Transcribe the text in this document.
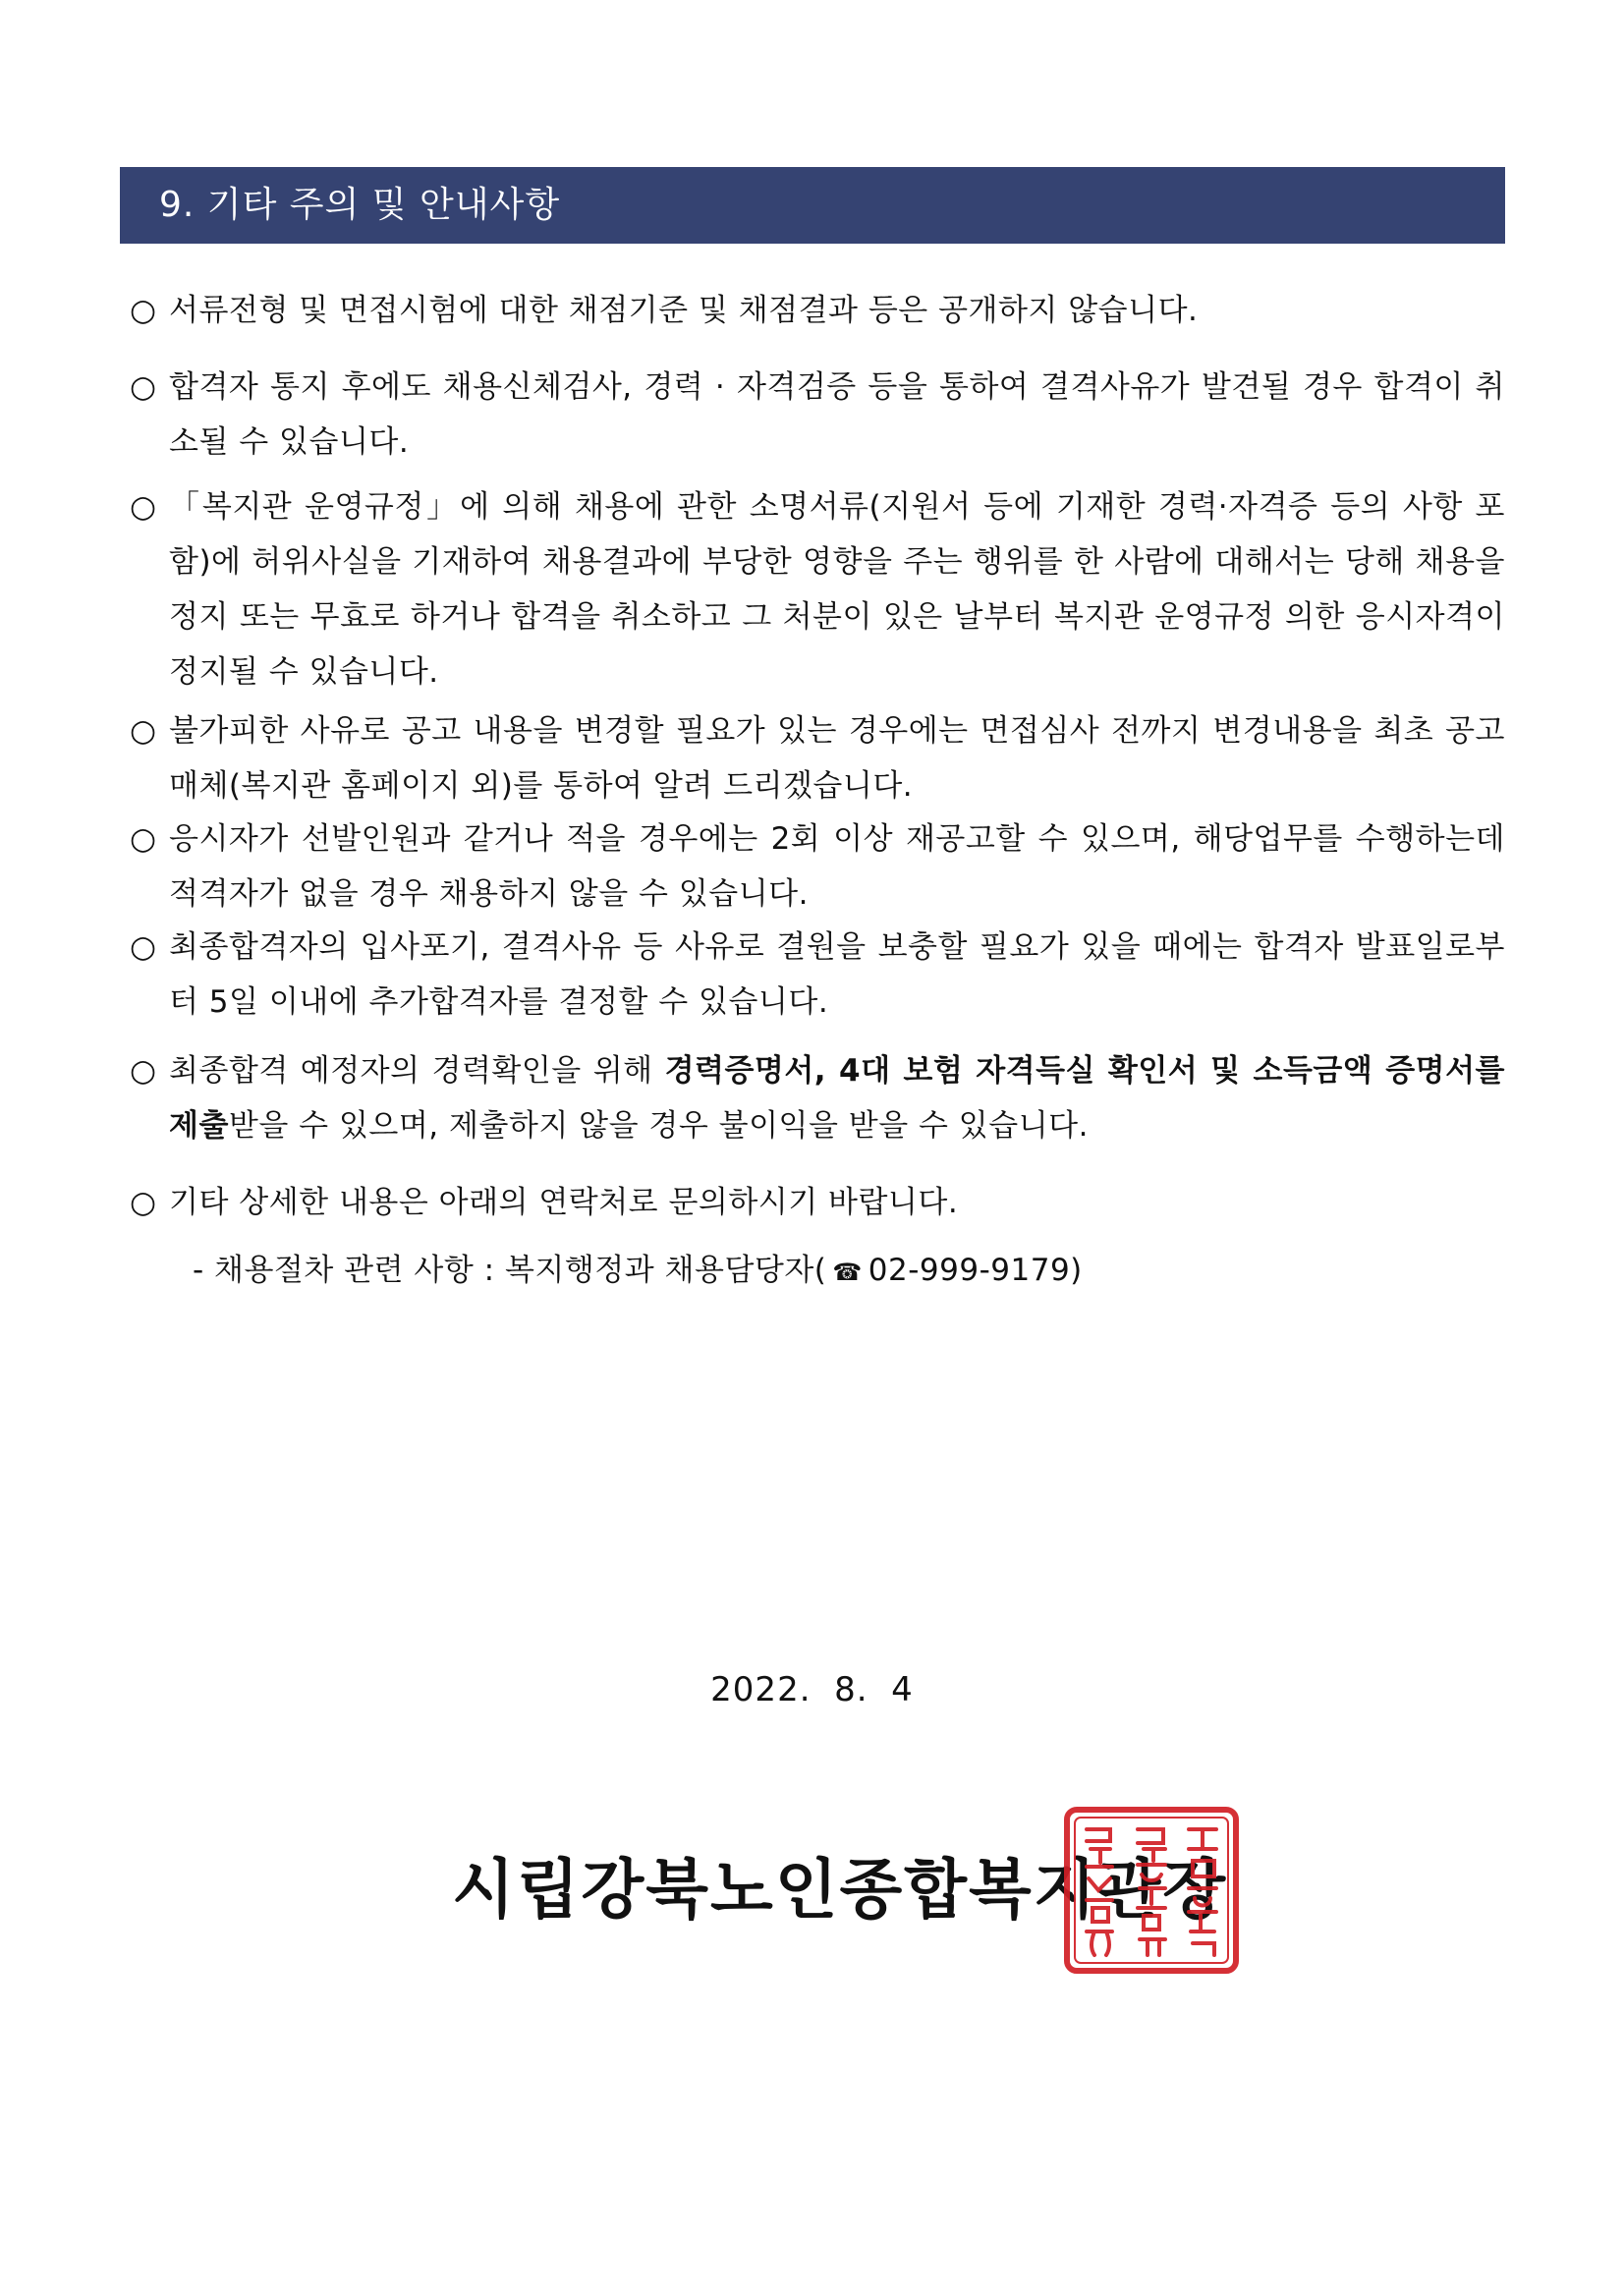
9. 기타 주의 및 안내사항
○ 서류전형 및 면접시험에 대한 채점기준 및 채점결과 등은 공개하지 않습니다.
○ 합격자 통지 후에도 채용신체검사, 경력 · 자격검증 등을 통하여 결격사유가 발견될 경우 합격이 취소될 수 있습니다.
○ 「복지관 운영규정」에 의해 채용에 관한 소명서류(지원서 등에 기재한 경력·자격증 등의 사항 포함)에 허위사실을 기재하여 채용결과에 부당한 영향을 주는 행위를 한 사람에 대해서는 당해 채용을 정지 또는 무효로 하거나 합격을 취소하고 그 처분이 있은 날부터 복지관 운영규정 의한 응시자격이 정지될 수 있습니다.
○ 불가피한 사유로 공고 내용을 변경할 필요가 있는 경우에는 면접심사 전까지 변경내용을 최초 공고매체(복지관 홈페이지 외)를 통하여 알려 드리겠습니다.
○ 응시자가 선발인원과 같거나 적을 경우에는 2회 이상 재공고할 수 있으며, 해당업무를 수행하는데 적격자가 없을 경우 채용하지 않을 수 있습니다.
○ 최종합격자의 입사포기, 결격사유 등 사유로 결원을 보충할 필요가 있을 때에는 합격자 발표일로부터 5일 이내에 추가합격자를 결정할 수 있습니다.
○ 최종합격 예정자의 경력확인을 위해 경력증명서, 4대 보험 자격득실 확인서 및 소득금액 증명서를 제출받을 수 있으며, 제출하지 않을 경우 불이익을 받을 수 있습니다.
○ 기타 상세한 내용은 아래의 연락처로 문의하시기 바랍니다.
- 채용절차 관련 사항 : 복지행정과 채용담당자( ☎ 02-999-9179)
2022.  8.  4
시립강북노인종합복지관장
